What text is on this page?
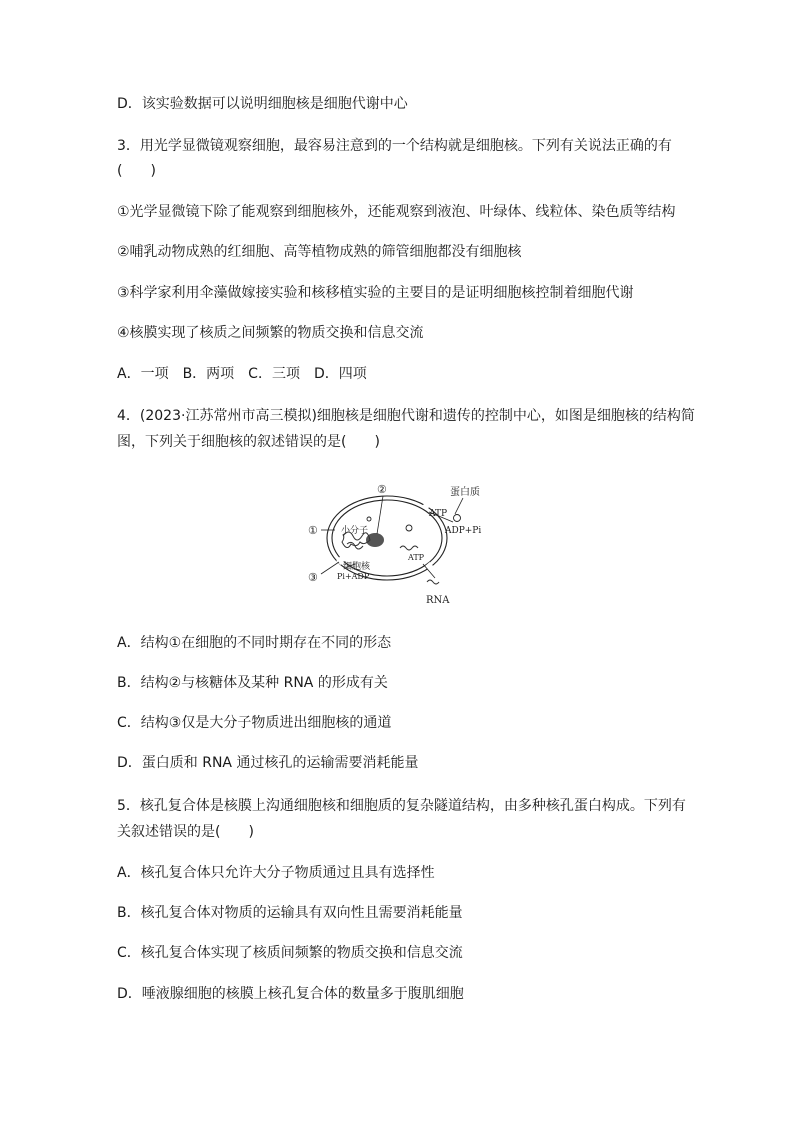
D．该实验数据可以说明细胞核是细胞代谢中心
3．用光学显微镜观察细胞，最容易注意到的一个结构就是细胞核。下列有关说法正确的有
(　　)
①光学显微镜下除了能观察到细胞核外，还能观察到液泡、叶绿体、线粒体、染色质等结构
②哺乳动物成熟的红细胞、高等植物成熟的筛管细胞都没有细胞核
③科学家利用伞藻做嫁接实验和核移植实验的主要目的是证明细胞核控制着细胞代谢
④核膜实现了核质之间频繁的物质交换和信息交流
A．一项　B．两项　C．三项　D．四项
4．(2023·江苏常州市高三模拟)细胞核是细胞代谢和遗传的控制中心，如图是细胞核的结构简
图，下列关于细胞核的叙述错误的是(　　)
②	蛋白质
ATP
ADP+Pi
①	小分子
ATP
细胞核
Pi+ADP
③
RNA
A．结构①在细胞的不同时期存在不同的形态
B．结构②与核糖体及某种 RNA 的形成有关
C．结构③仅是大分子物质进出细胞核的通道
D．蛋白质和 RNA 通过核孔的运输需要消耗能量
5．核孔复合体是核膜上沟通细胞核和细胞质的复杂隧道结构，由多种核孔蛋白构成。下列有
关叙述错误的是(　　)
A．核孔复合体只允许大分子物质通过且具有选择性
B．核孔复合体对物质的运输具有双向性且需要消耗能量
C．核孔复合体实现了核质间频繁的物质交换和信息交流
D．唾液腺细胞的核膜上核孔复合体的数量多于腹肌细胞
